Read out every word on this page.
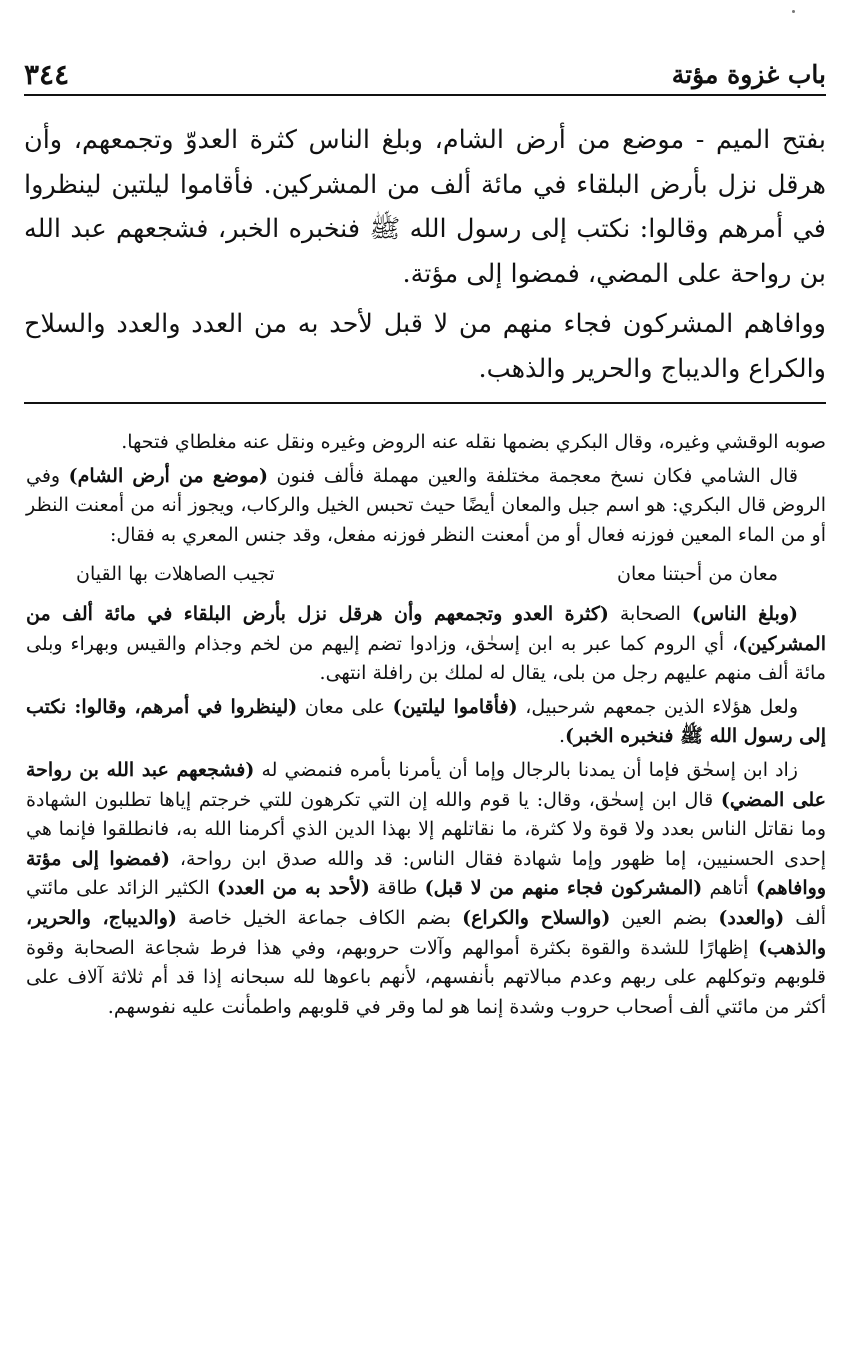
باب غزوة مؤتة
٣٤٤

بفتح الميم - موضع من أرض الشام، وبلغ الناس كثرة العدوّ وتجمعهم، وأن هرقل نزل بأرض البلقاء في مائة ألف من المشركين. فأقاموا ليلتين لينظروا في أمرهم وقالوا: نكتب إلى رسول الله ﷺ فنخبره الخبر، فشجعهم عبد الله بن رواحة على المضي، فمضوا إلى مؤتة.

ووافاهم المشركون فجاء منهم من لا قبل لأحد به من العدد والعدد والسلاح والكراع والديباج والحرير والذهب.

صوبه الوقشي وغيره، وقال البكري بضمها نقله عنه الروض وغيره ونقل عنه مغلطاي فتحها.

قال الشامي فكان نسخ معجمة مختلفة والعين مهملة فألف فنون (موضع من أرض الشام) وفي الروض قال البكري: هو اسم جبل والمعان أيضًا حيث تحبس الخيل والركاب، ويجوز أنه من أمعنت النظر أو من الماء المعين فوزنه فعال أو من أمعنت النظر فوزنه مفعل، وقد جنس المعري به فقال:

معان من أحبتنا معان
تجيب الصاهلات بها القيان

(وبلغ الناس) الصحابة (كثرة العدو وتجمعهم وأن هرقل نزل بأرض البلقاء في مائة ألف من المشركين)، أي الروم كما عبر به ابن إسحٰق، وزادوا تضم إليهم من لخم وجذام والقيس وبهراء وبلى مائة ألف منهم عليهم رجل من بلى، يقال له لملك بن رافلة انتهى.

ولعل هؤلاء الذين جمعهم شرحبيل، (فأقاموا ليلتين) على معان (لينظروا في أمرهم، وقالوا: نكتب إلى رسول الله ﷺ فنخبره الخبر).

زاد ابن إسحٰق فإما أن يمدنا بالرجال وإما أن يأمرنا بأمره فنمضي له (فشجعهم عبد الله بن رواحة على المضي) قال ابن إسحٰق، وقال: يا قوم والله إن التي تكرهون للتي خرجتم إياها تطلبون الشهادة وما نقاتل الناس بعدد ولا قوة ولا كثرة، ما نقاتلهم إلا بهذا الدين الذي أكرمنا الله به، فانطلقوا فإنما هي إحدى الحسنيين، إما ظهور وإما شهادة فقال الناس: قد والله صدق ابن رواحة، (فمضوا إلى مؤتة ووافاهم) أتاهم (المشركون فجاء منهم من لا قبل) طاقة (لأحد به من العدد) الكثير الزائد على مائتي ألف (والعدد) بضم العين (والسلاح والكراع) بضم الكاف جماعة الخيل خاصة (والديباج، والحرير، والذهب) إظهارًا للشدة والقوة بكثرة أموالهم وآلات حروبهم، وفي هذا فرط شجاعة الصحابة وقوة قلوبهم وتوكلهم على ربهم وعدم مبالاتهم بأنفسهم، لأنهم باعوها لله سبحانه إذا قد أم ثلاثة آلاف على أكثر من مائتي ألف أصحاب حروب وشدة إنما هو لما وقر في قلوبهم واطمأنت عليه نفوسهم.
